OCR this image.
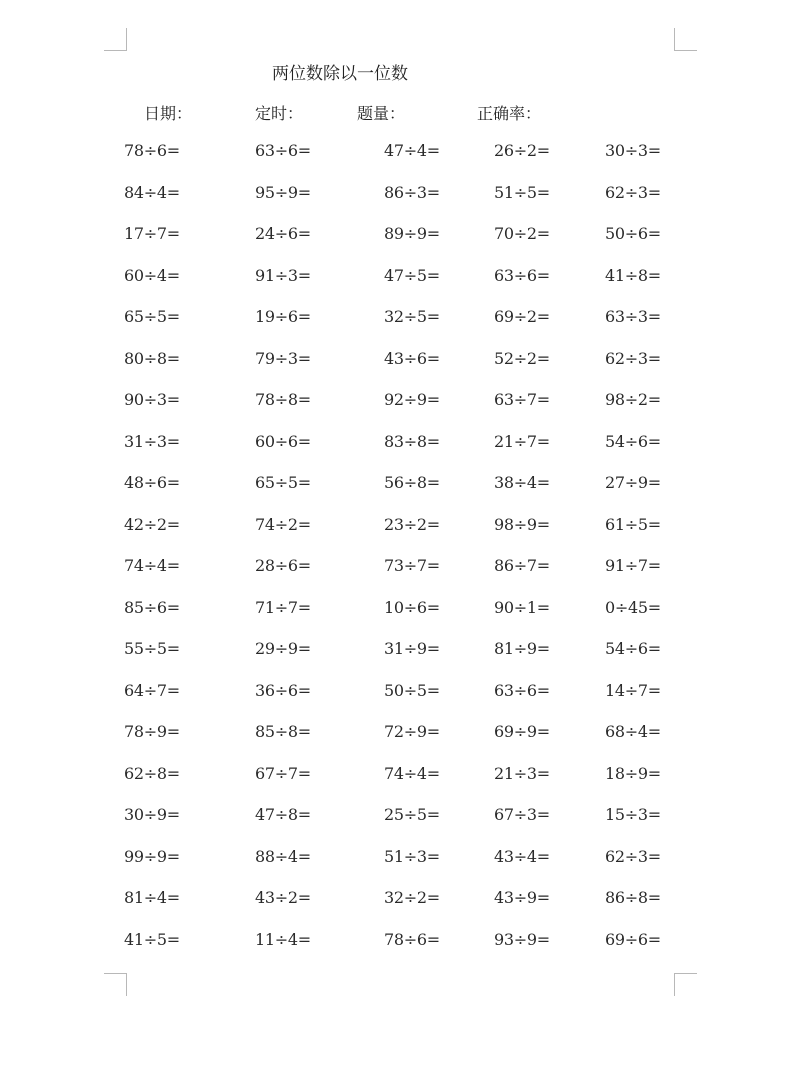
两位数除以一位数
日期：	定时：	题量：	正确率：
78÷6=	63÷6=	47÷4=	26÷2=	30÷3=
84÷4=	95÷9=	86÷3=	51÷5=	62÷3=
17÷7=	24÷6=	89÷9=	70÷2=	50÷6=
60÷4=	91÷3=	47÷5=	63÷6=	41÷8=
65÷5=	19÷6=	32÷5=	69÷2=	63÷3=
80÷8=	79÷3=	43÷6=	52÷2=	62÷3=
90÷3=	78÷8=	92÷9=	63÷7=	98÷2=
31÷3=	60÷6=	83÷8=	21÷7=	54÷6=
48÷6=	65÷5=	56÷8=	38÷4=	27÷9=
42÷2=	74÷2=	23÷2=	98÷9=	61÷5=
74÷4=	28÷6=	73÷7=	86÷7=	91÷7=
85÷6=	71÷7=	10÷6=	90÷1=	0÷45=
55÷5=	29÷9=	31÷9=	81÷9=	54÷6=
64÷7=	36÷6=	50÷5=	63÷6=	14÷7=
78÷9=	85÷8=	72÷9=	69÷9=	68÷4=
62÷8=	67÷7=	74÷4=	21÷3=	18÷9=
30÷9=	47÷8=	25÷5=	67÷3=	15÷3=
99÷9=	88÷4=	51÷3=	43÷4=	62÷3=
81÷4=	43÷2=	32÷2=	43÷9=	86÷8=
41÷5=	11÷4=	78÷6=	93÷9=	69÷6=
